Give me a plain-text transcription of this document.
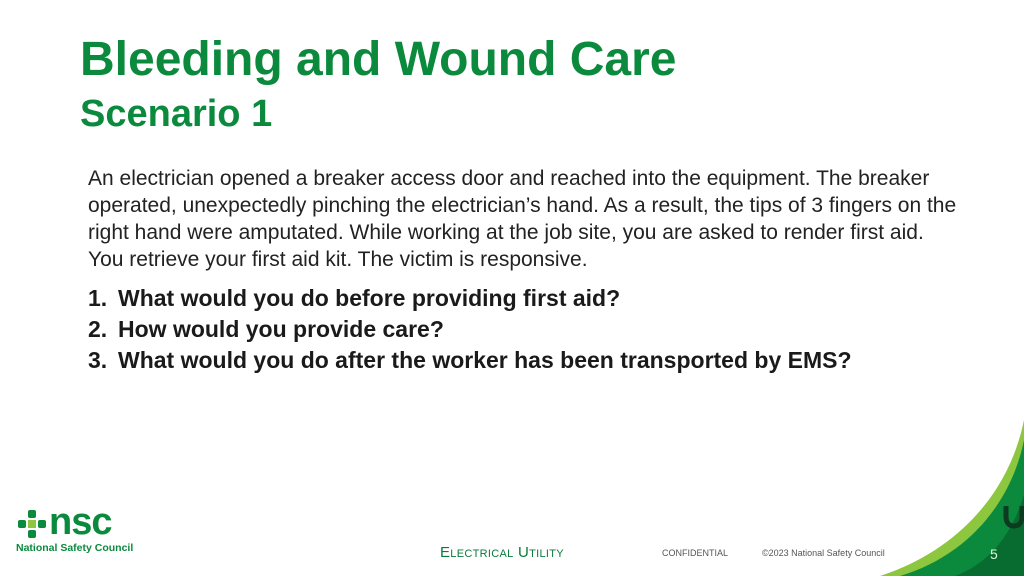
Bleeding and Wound Care
Scenario 1

An electrician opened a breaker access door and reached into the equipment. The breaker operated, unexpectedly pinching the electrician’s hand. As a result, the tips of 3 fingers on the right hand were amputated. While working at the job site, you are asked to render first aid. You retrieve your first aid kit. The victim is responsive.

1. What would you do before providing first aid?
2. How would you provide care?
3. What would you do after the worker has been transported by EMS?
nsc
National Safety Council	Electrical Utility	CONFIDENTIAL	©2023 National Safety Council	5
